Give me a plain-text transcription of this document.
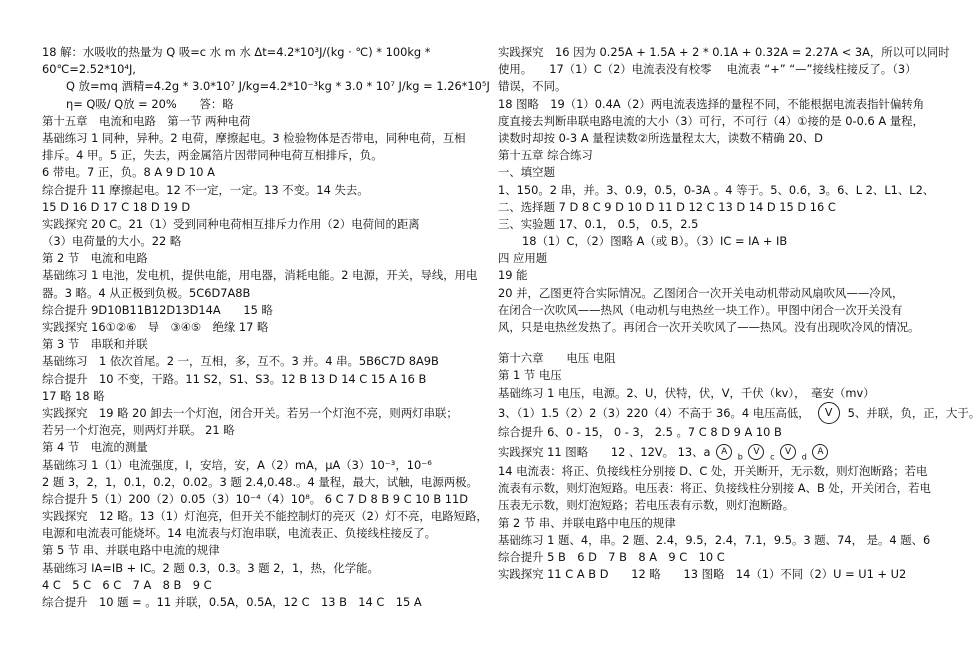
18 解：水吸收的热量为 Q 吸=c 水 m 水 Δt=4.2*10³J/(kg · ℃) * 100kg *
60℃=2.52*10⁴J,
Q 放=mq 酒精=4.2g * 3.0*10⁷ J/kg=4.2*10⁻³kg * 3.0 * 10⁷ J/kg = 1.26*10⁵J
η= Q吸/ Q放 = 20%　　答：略
第十五章　电流和电路　第一节 两种电荷
基础练习 1 同种，异种。2 电荷，摩擦起电。3 检验物体是否带电，同种电荷，互相
排斥。4 甲。5 正，失去，两金属箔片因带同种电荷互相排斥，负。
6 带电。7 正，负。8 A 9 D 10 A
综合提升 11 摩擦起电。12 不一定，一定。13 不变。14 失去。
15 D 16 D 17 C 18 D 19 D
实践探究 20 C。21（1）受到同种电荷相互排斥力作用（2）电荷间的距离
（3）电荷量的大小。22 略
第 2 节　电流和电路
基础练习 1 电池，发电机，提供电能，用电器，消耗电能。2 电源，开关，导线，用电
器。3 略。4 从正极到负极。5C6D7A8B
综合提升 9D10B11B12D13D14A　　15 略
实践探究 16①②⑥　导　③④⑤　绝缘 17 略
第 3 节　串联和并联
基础练习　1 依次首尾。2 一，互相，多，互不。3 并。4 串。5B6C7D 8A9B
综合提升　10 不变，干路。11 S2，S1、S3。12 B 13 D 14 C 15 A 16 B
17 略 18 略
实践探究　19 略 20 卸去一个灯泡，闭合开关。若另一个灯泡不亮，则两灯串联；
若另一个灯泡亮，则两灯并联。 21 略
第 4 节　电流的测量
基础练习 1（1）电流强度，I，安培，安，A（2）mA，μA（3）10⁻³，10⁻⁶
2 题 3，2，1，0.1，0.2，0.02。3 题 2.4,0.48.。4 量程，最大，试触，电源两极。
综合提升 5（1）200（2）0.05（3）10⁻⁴（4）10⁸。 6 C 7 D 8 B 9 C 10 B 11D
实践探究　12 略。13（1）灯泡亮，但开关不能控制灯的亮灭（2）灯不亮，电路短路，
电源和电流表可能烧坏。14 电流表与灯泡串联，电流表正、负接线柱接反了。
第 5 节 串、并联电路中电流的规律
基础练习 IA=IB + IC。2 题 0.3，0.3。3 题 2，1，热，化学能。
4 C　5 C　6 C　7 A　8 B　9 C
综合提升　10 题 = 。11 并联，0.5A，0.5A，12 C　13 B　14 C　15 A
实践探究　16 因为 0.25A + 1.5A + 2 * 0.1A + 0.32A = 2.27A < 3A，所以可以同时
使用。　　17（1）C（2）电流表没有校零　 电流表 “+” “—”接线柱接反了。（3）
错误，不同。
18 图略　19（1）0.4A（2）两电流表选择的量程不同，不能根据电流表指针偏转角
度直接去判断串联电路电流的大小（3）可行，不可行（4）①接的是 0-0.6 A 量程，
读数时却按 0-3 A 量程读数②所选量程太大，读数不精确 20、D
第十五章 综合练习
一、填空题
1、150。2 串，并。3、0.9，0.5，0-3A 。4 等于。5、0.6，3。6、L 2、L1、L2、
二、选择题 7 D 8 C 9 D 10 D 11 D 12 C 13 D 14 D 15 D 16 C
三、实验题 17、0.1， 0.5， 0.5，2.5
18（1）C，（2）图略 A（或 B）。（3）IC = IA + IB
四 应用题
19 能
20 并，乙图更符合实际情况。乙图闭合一次开关电动机带动风扇吹风——冷风，
在闭合一次吹风——热风（电动机与电热丝一块工作）。甲图中闭合一次开关没有
风，只是电热丝发热了。再闭合一次开关吹风了——热风。没有出现吹冷风的情况。
第十六章　　电压 电阻
第 1 节 电压
基础练习 1 电压，电源。2、U，伏特，伏，V，千伏（kv），　毫安（mv）
3、（1）1.5（2）2（3）220（4）不高于 36。4 电压高低， V 5、并联，负，正，大于。
综合提升 6、0 - 15， 0 - 3， 2.5 。7 C 8 D 9 A 10 B
实践探究 11 图略　　12 、12V。 13、a A $_b$ V $_c$ V $_d$ A
14 电流表：将正、负接线柱分别接 D、C 处，开关断开，无示数，则灯泡断路；若电
流表有示数，则灯泡短路。电压表：将正、负接线柱分别接 A、B 处，开关闭合，若电
压表无示数，则灯泡短路；若电压表有示数，则灯泡断路。
第 2 节 串、并联电路中电压的规律
基础练习 1 题、4，串。2 题、2.4，9.5，2.4，7.1，9.5。3 题、74， 是。4 题、6
综合提升 5 B　6 D　7 B　8 A　9 C　10 C
实践探究 11 C A B D　　12 略　　13 图略　14（1）不同（2）U = U1 + U2
